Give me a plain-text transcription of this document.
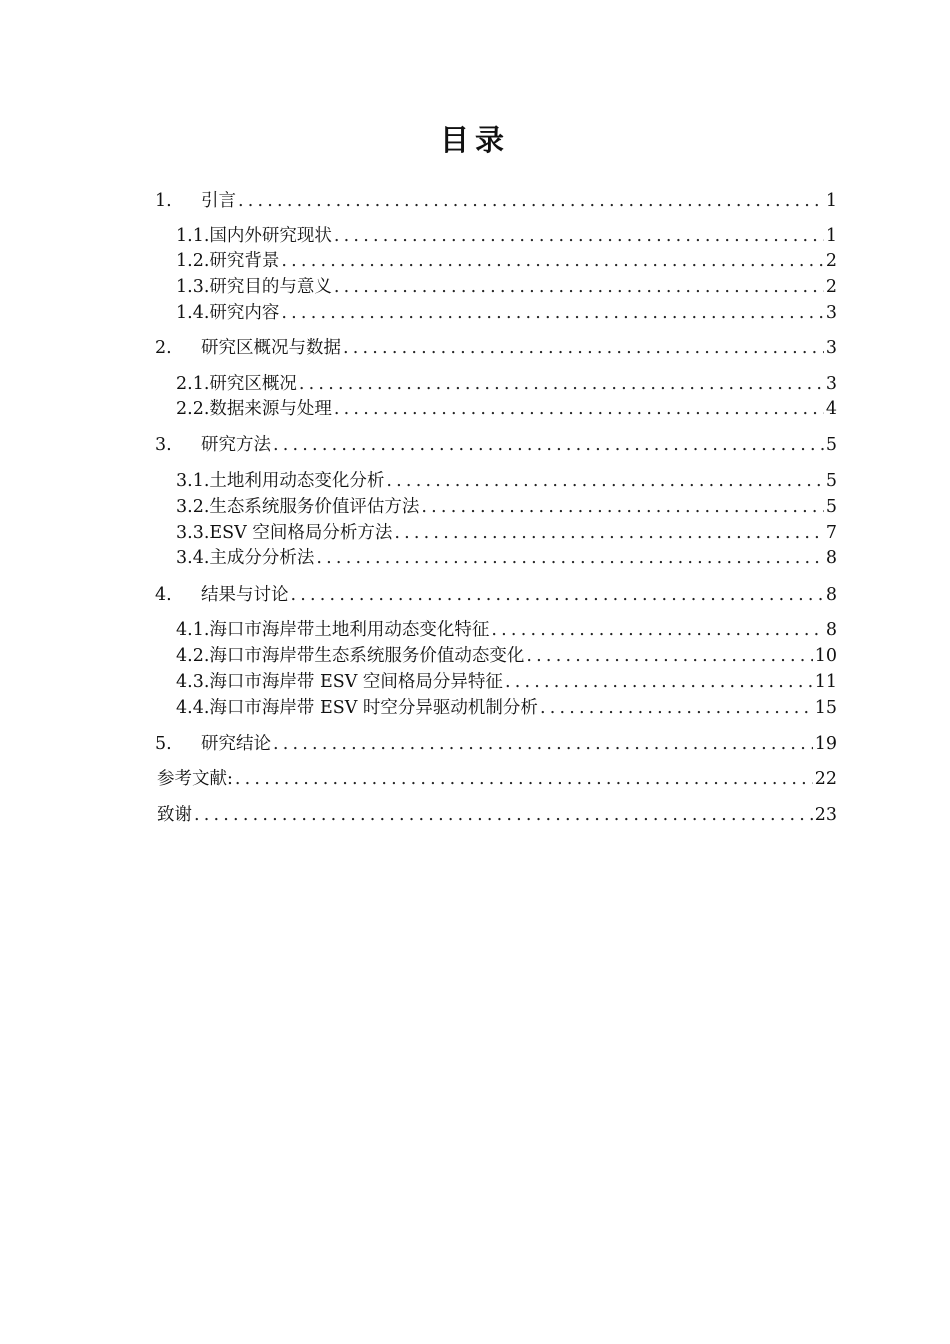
目录
1.	引言 .....	1
1.1. 国内外研究现状 .....	1
1.2. 研究背景 .....	2
1.3. 研究目的与意义 .....	2
1.4. 研究内容 .....	3
2.	研究区概况与数据 .....	3
2.1. 研究区概况 .....	3
2.2. 数据来源与处理 .....	4
3.	研究方法 .....	5
3.1. 土地利用动态变化分析 .....	5
3.2. 生态系统服务价值评估方法 .....	5
3.3. ESV 空间格局分析方法 .....	7
3.4. 主成分分析法 .....	8
4.	结果与讨论 .....	8
4.1. 海口市海岸带土地利用动态变化特征 .....	8
4.2. 海口市海岸带生态系统服务价值动态变化 .....	10
4.3. 海口市海岸带 ESV 空间格局分异特征 .....	11
4.4. 海口市海岸带 ESV 时空分异驱动机制分析 .....	15
5.	研究结论 .....	19
参考文献: .....	22
致谢 .....	23
